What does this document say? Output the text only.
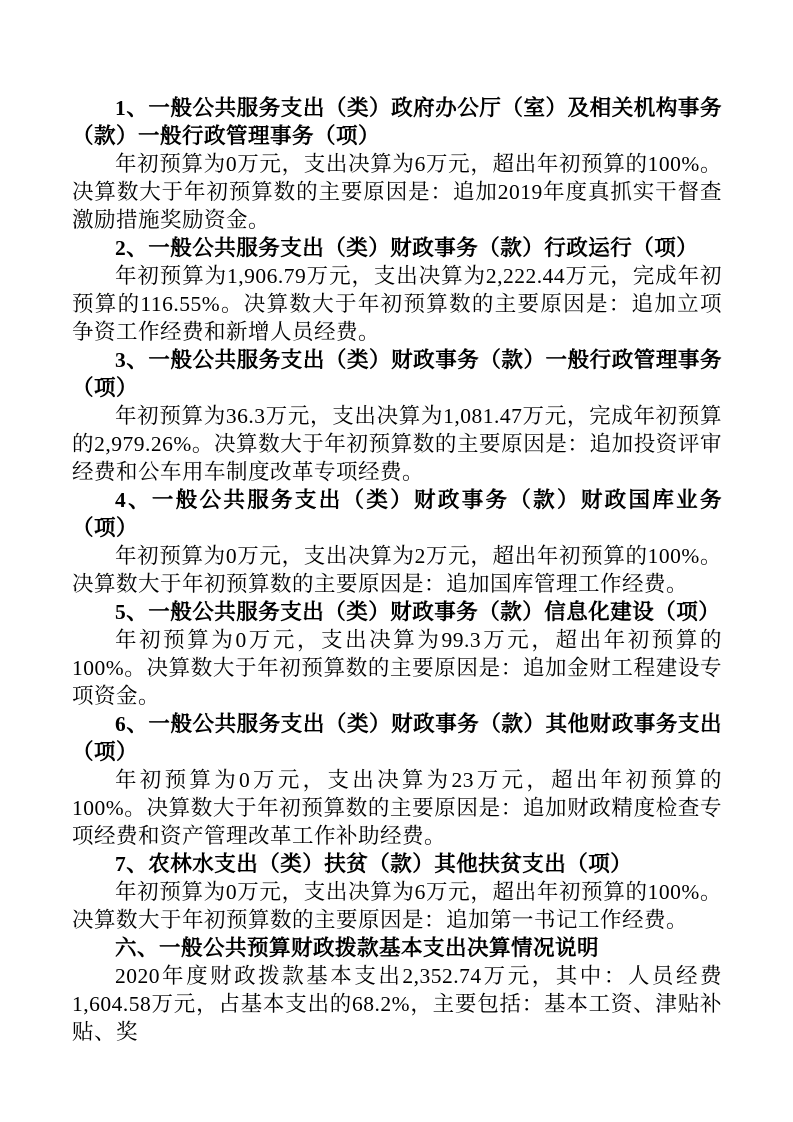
1、一般公共服务支出（类）政府办公厅（室）及相关机构事务（款）一般行政管理事务（项）

年初预算为0万元，支出决算为6万元，超出年初预算的100%。决算数大于年初预算数的主要原因是：追加2019年度真抓实干督查激励措施奖励资金。

2、一般公共服务支出（类）财政事务（款）行政运行（项）

年初预算为1,906.79万元，支出决算为2,222.44万元，完成年初预算的116.55%。决算数大于年初预算数的主要原因是：追加立项争资工作经费和新增人员经费。

3、一般公共服务支出（类）财政事务（款）一般行政管理事务（项）

年初预算为36.3万元，支出决算为1,081.47万元，完成年初预算的2,979.26%。决算数大于年初预算数的主要原因是：追加投资评审经费和公车用车制度改革专项经费。

4、一般公共服务支出（类）财政事务（款）财政国库业务（项）

年初预算为0万元，支出决算为2万元，超出年初预算的100%。决算数大于年初预算数的主要原因是：追加国库管理工作经费。

5、一般公共服务支出（类）财政事务（款）信息化建设（项）

年初预算为0万元，支出决算为99.3万元，超出年初预算的100%。决算数大于年初预算数的主要原因是：追加金财工程建设专项资金。

6、一般公共服务支出（类）财政事务（款）其他财政事务支出（项）

年初预算为0万元，支出决算为23万元，超出年初预算的100%。决算数大于年初预算数的主要原因是：追加财政精度检查专项经费和资产管理改革工作补助经费。

7、农林水支出（类）扶贫（款）其他扶贫支出（项）

年初预算为0万元，支出决算为6万元，超出年初预算的100%。决算数大于年初预算数的主要原因是：追加第一书记工作经费。

六、一般公共预算财政拨款基本支出决算情况说明

2020年度财政拨款基本支出2,352.74万元，其中：人员经费1,604.58万元，占基本支出的68.2%，主要包括：基本工资、津贴补贴、奖
